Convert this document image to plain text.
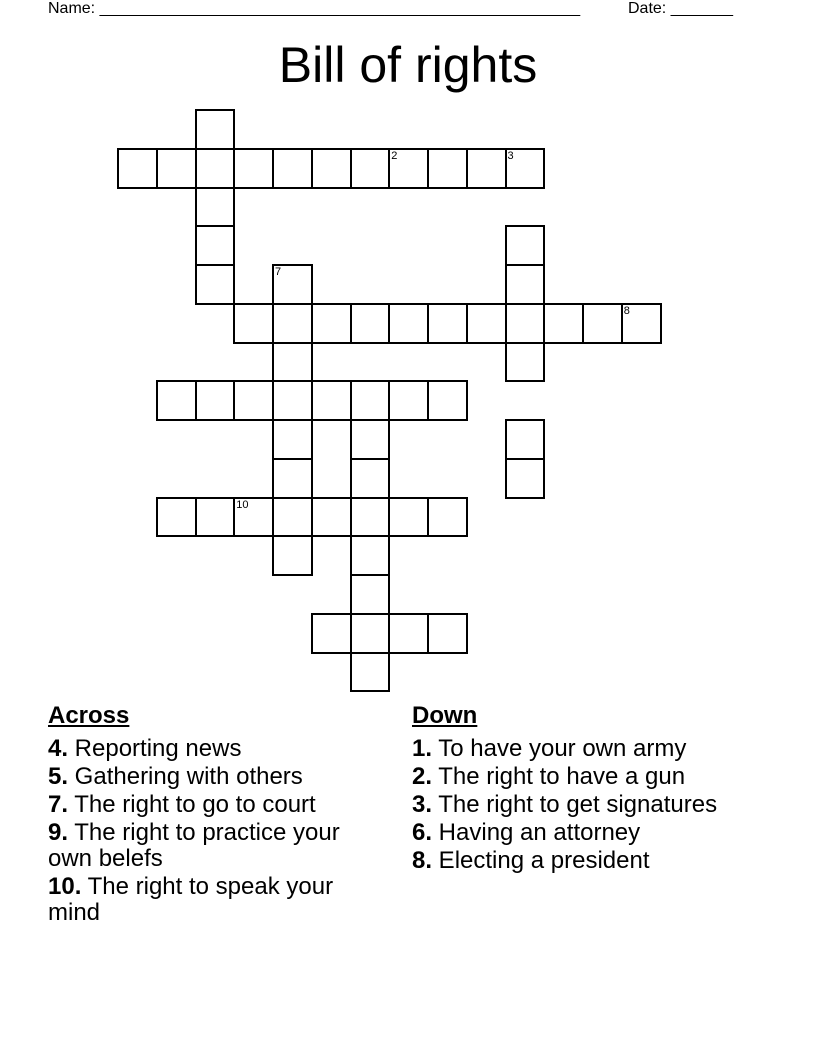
Name: ______________________________________________________	Date: _______
Bill of rights
2	3
10
8
7
Across
4. Reporting news
5. Gathering with others
7. The right to go to court
9. The right to practice your own belefs
10. The right to speak your mind
Down
1. To have your own army
2. The right to have a gun
3. The right to get signatures
6. Having an attorney
8. Electing a president
